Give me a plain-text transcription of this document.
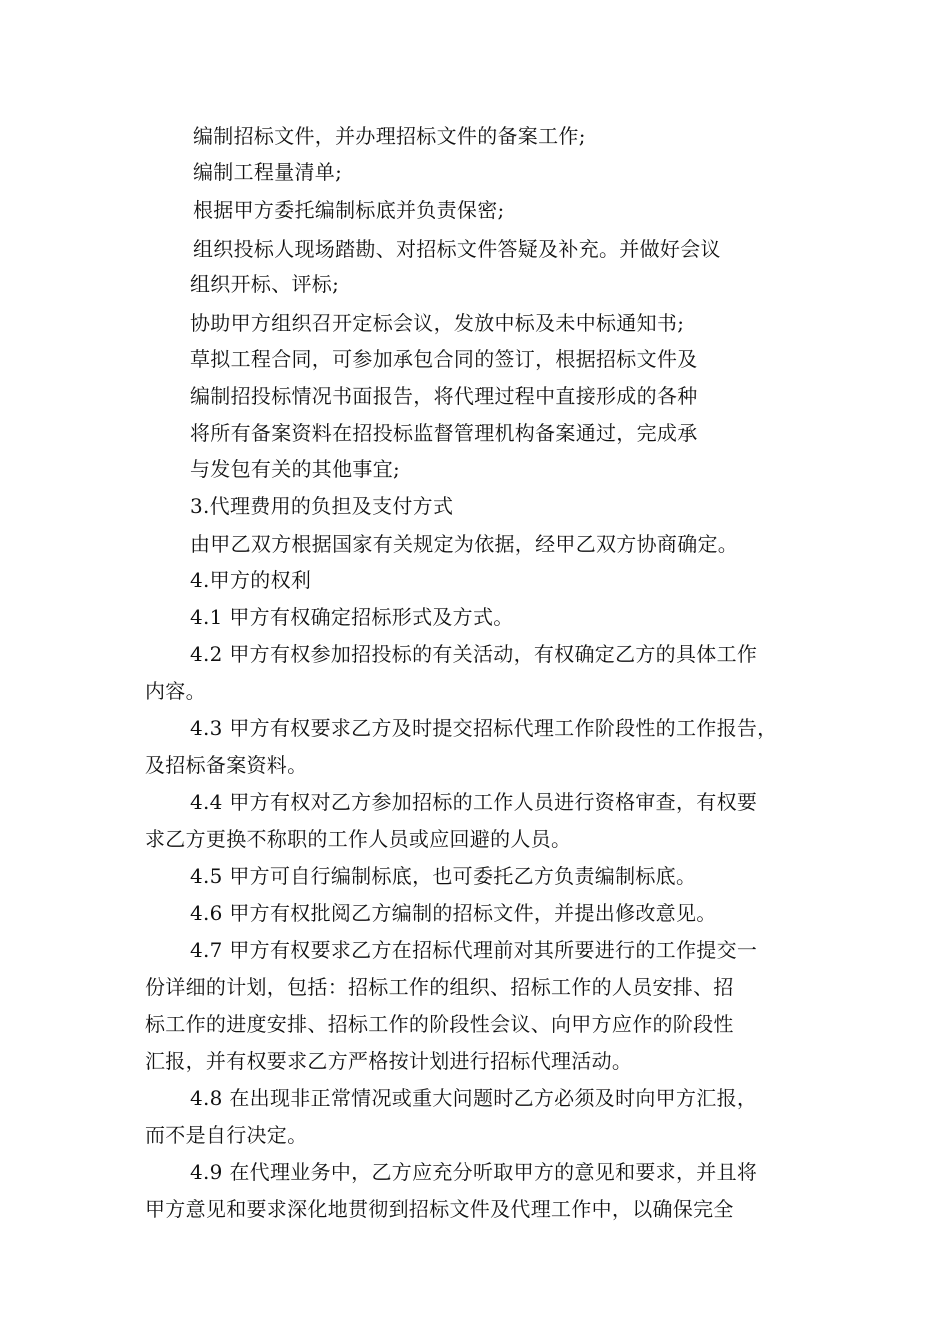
编制招标文件，并办理招标文件的备案工作;
编制工程量清单;
根据甲方委托编制标底并负责保密;
组织投标人现场踏勘、对招标文件答疑及补充。并做好会议
组织开标、评标;
协助甲方组织召开定标会议，发放中标及未中标通知书;
草拟工程合同，可参加承包合同的签订，根据招标文件及
编制招投标情况书面报告，将代理过程中直接形成的各种
将所有备案资料在招投标监督管理机构备案通过，完成承
与发包有关的其他事宜;
3.代理费用的负担及支付方式
由甲乙双方根据国家有关规定为依据，经甲乙双方协商确定。
4.甲方的权利
4.1 甲方有权确定招标形式及方式。
4.2 甲方有权参加招投标的有关活动，有权确定乙方的具体工作
内容。
4.3 甲方有权要求乙方及时提交招标代理工作阶段性的工作报告，
及招标备案资料。
4.4 甲方有权对乙方参加招标的工作人员进行资格审查，有权要
求乙方更换不称职的工作人员或应回避的人员。
4.5 甲方可自行编制标底，也可委托乙方负责编制标底。
4.6 甲方有权批阅乙方编制的招标文件，并提出修改意见。
4.7 甲方有权要求乙方在招标代理前对其所要进行的工作提交一
份详细的计划，包括：招标工作的组织、招标工作的人员安排、招
标工作的进度安排、招标工作的阶段性会议、向甲方应作的阶段性
汇报，并有权要求乙方严格按计划进行招标代理活动。
4.8 在出现非正常情况或重大问题时乙方必须及时向甲方汇报，
而不是自行决定。
4.9 在代理业务中，乙方应充分听取甲方的意见和要求，并且将
甲方意见和要求深化地贯彻到招标文件及代理工作中，以确保完全
